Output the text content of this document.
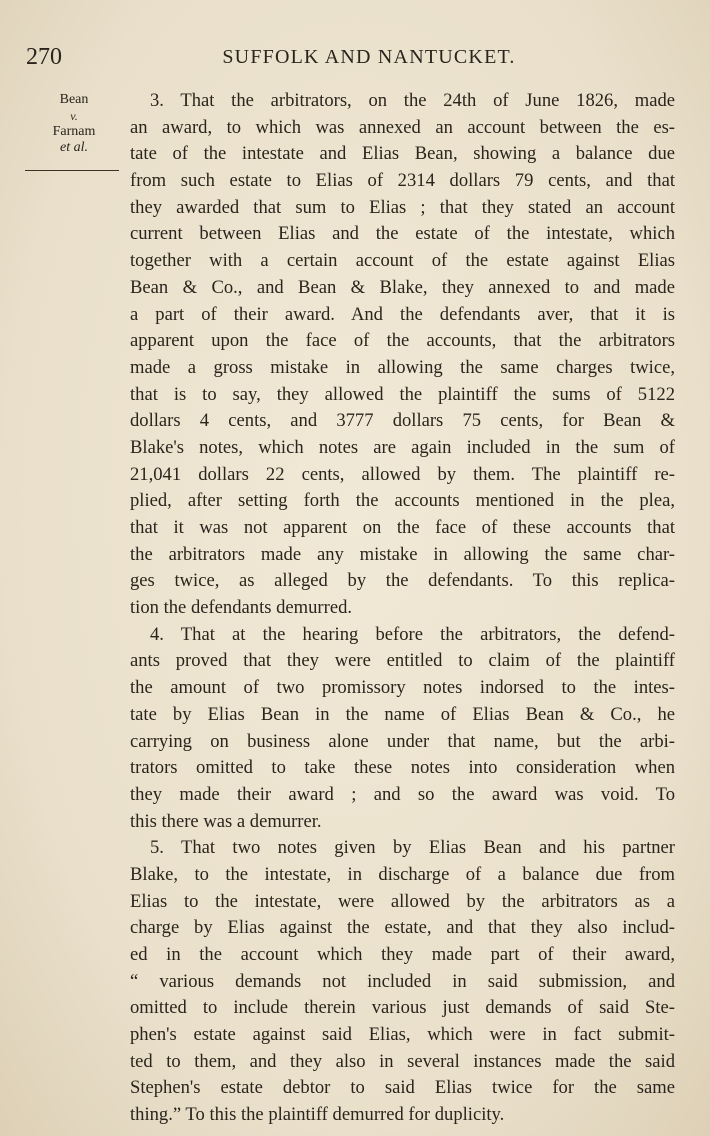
270	SUFFOLK AND NANTUCKET.
Bean
v.
Farnam
et al.
3. That the arbitrators, on the 24th of June 1826, made
an award, to which was annexed an account between the es-
tate of the intestate and Elias Bean, showing a balance due
from such estate to Elias of 2314 dollars 79 cents, and that
they awarded that sum to Elias ; that they stated an account
current between Elias and the estate of the intestate, which
together with a certain account of the estate against Elias
Bean & Co., and Bean & Blake, they annexed to and made
a part of their award. And the defendants aver, that it is
apparent upon the face of the accounts, that the arbitrators
made a gross mistake in allowing the same charges twice,
that is to say, they allowed the plaintiff the sums of 5122
dollars 4 cents, and 3777 dollars 75 cents, for Bean &
Blake's notes, which notes are again included in the sum of
21,041 dollars 22 cents, allowed by them. The plaintiff re-
plied, after setting forth the accounts mentioned in the plea,
that it was not apparent on the face of these accounts that
the arbitrators made any mistake in allowing the same char-
ges twice, as alleged by the defendants. To this replica-
tion the defendants demurred.
4. That at the hearing before the arbitrators, the defend-
ants proved that they were entitled to claim of the plaintiff
the amount of two promissory notes indorsed to the intes-
tate by Elias Bean in the name of Elias Bean & Co., he
carrying on business alone under that name, but the arbi-
trators omitted to take these notes into consideration when
they made their award ; and so the award was void. To
this there was a demurrer.
5. That two notes given by Elias Bean and his partner
Blake, to the intestate, in discharge of a balance due from
Elias to the intestate, were allowed by the arbitrators as a
charge by Elias against the estate, and that they also includ-
ed in the account which they made part of their award,
“ various demands not included in said submission, and
omitted to include therein various just demands of said Ste-
phen's estate against said Elias, which were in fact submit-
ted to them, and they also in several instances made the said
Stephen's estate debtor to said Elias twice for the same
thing.” To this the plaintiff demurred for duplicity.
